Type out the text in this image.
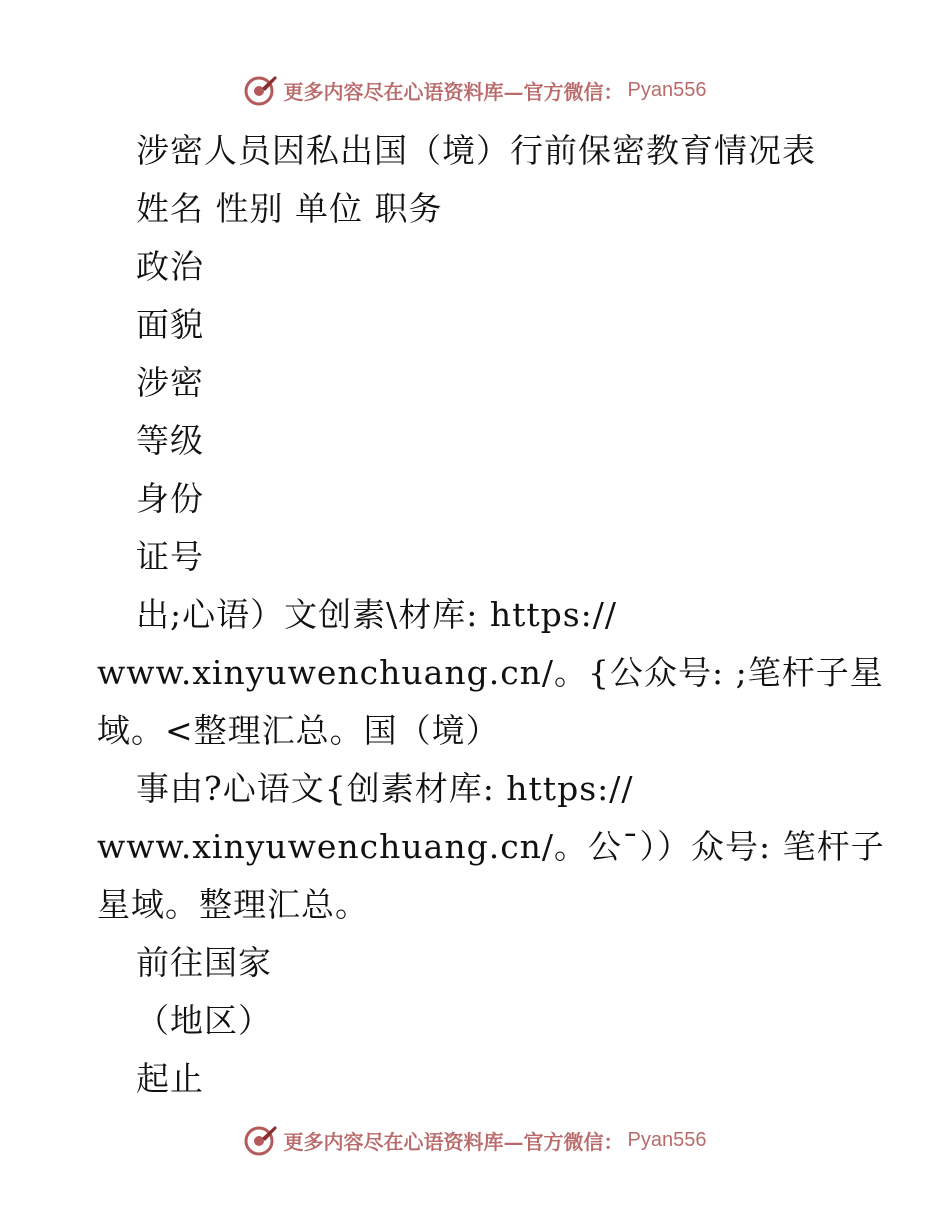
更多内容尽在心语资料库—官方微信： Pyan556
涉密人员因私出国（境）行前保密教育情况表
姓名 性别 单位 职务
政治
面貌
涉密
等级
身份
证号
出;心语）文创素\材库: https://
www.xinyuwenchuang.cn/。{公众号: ;笔杆子星
域。<整理汇总。国（境）
事由?心语文{创素材库: https://
www.xinyuwenchuang.cn/。公¯））众号: 笔杆子
星域。整理汇总。
前往国家
（地区）
起止
更多内容尽在心语资料库—官方微信： Pyan556
